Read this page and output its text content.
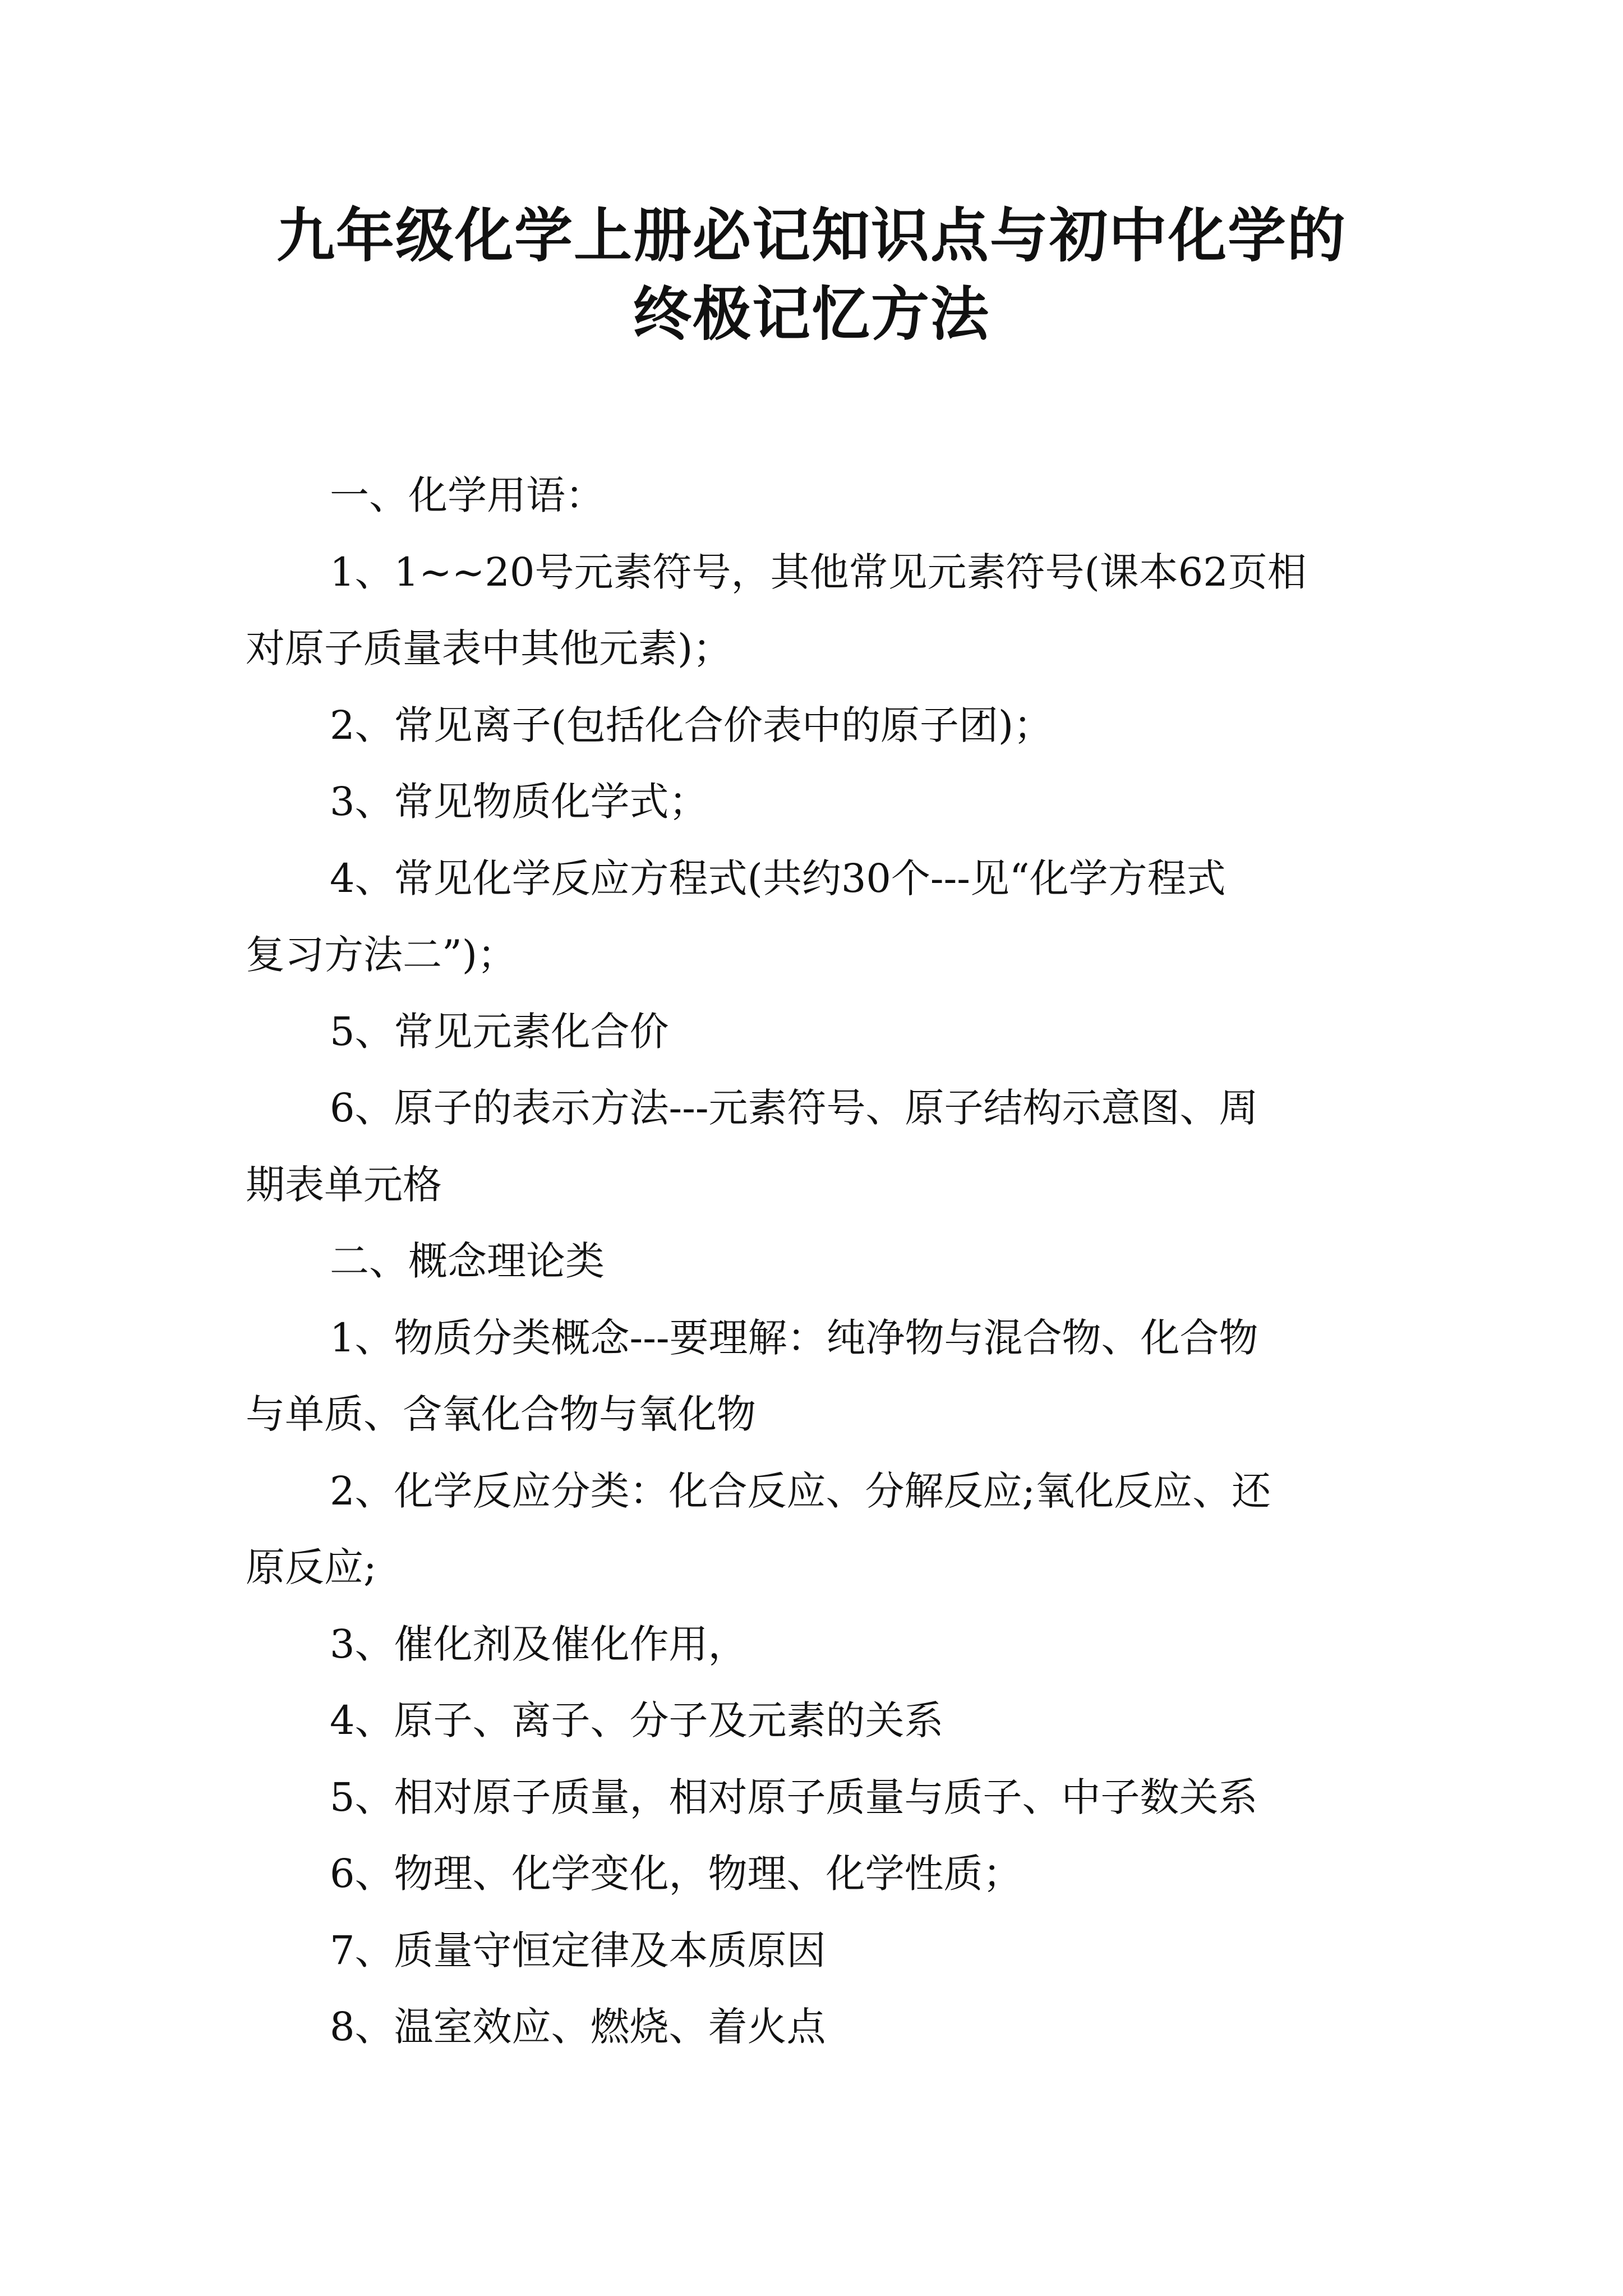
九年级化学上册必记知识点与初中化学的
终极记忆方法

一、化学用语：

1、1~~20号元素符号，其他常见元素符号(课本62页相

对原子质量表中其他元素)；

2、常见离子(包括化合价表中的原子团)；

3、常见物质化学式；

4、常见化学反应方程式(共约30个---见“化学方程式

复习方法二”)；

5、常见元素化合价

6、原子的表示方法---元素符号、原子结构示意图、周

期表单元格

二、概念理论类

1、物质分类概念---要理解：纯净物与混合物、化合物

与单质、含氧化合物与氧化物

2、化学反应分类：化合反应、分解反应;氧化反应、还

原反应;

3、催化剂及催化作用，

4、原子、离子、分子及元素的关系

5、相对原子质量，相对原子质量与质子、中子数关系

6、物理、化学变化，物理、化学性质；

7、质量守恒定律及本质原因

8、温室效应、燃烧、着火点
